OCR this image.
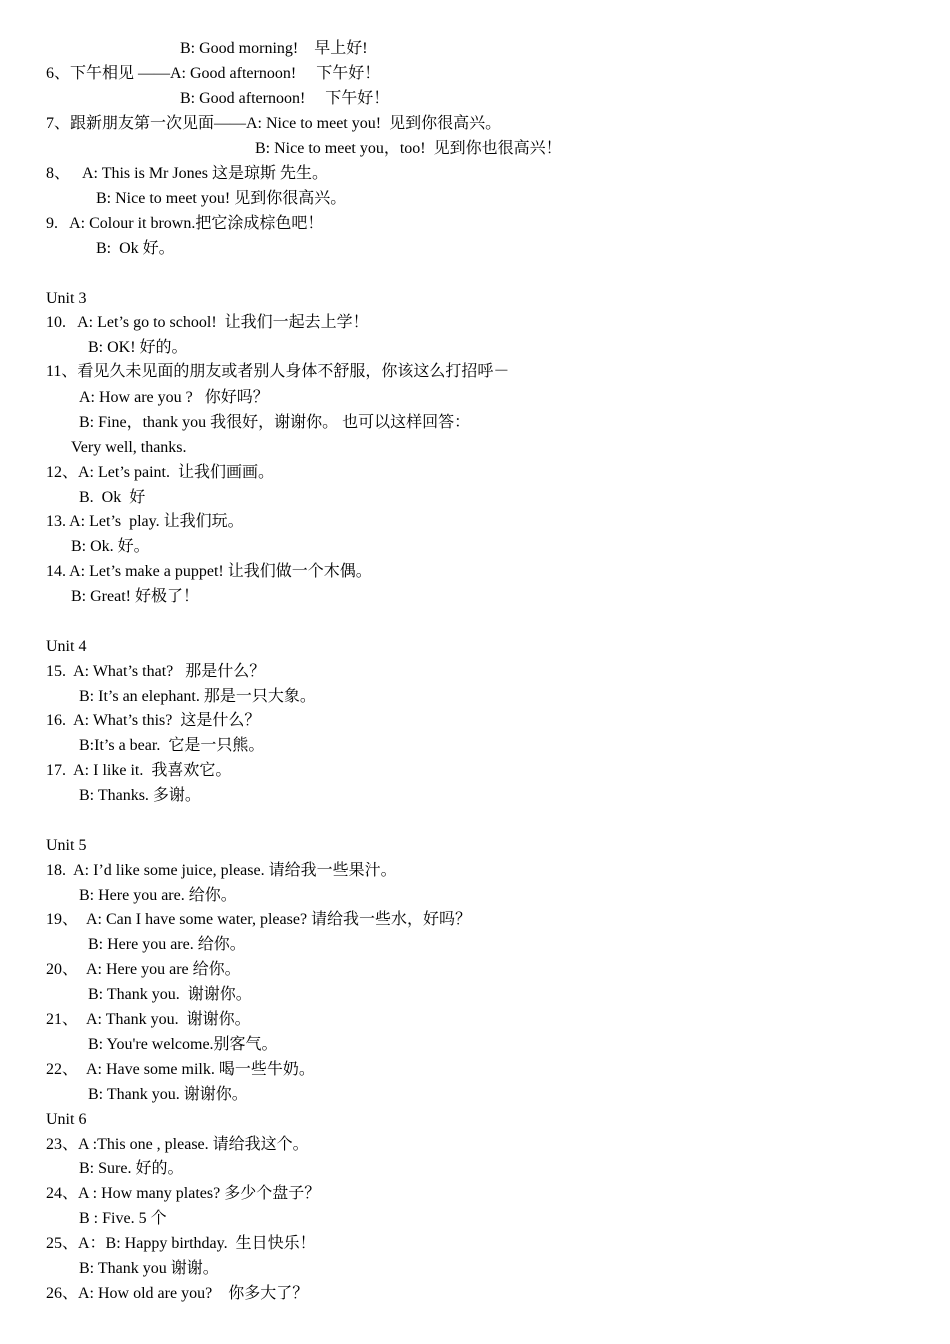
B: Good morning!    早上好!
6、下午相见 ——A: Good afternoon!     下午好！
B: Good afternoon!     下午好！
7、跟新朋友第一次见面——A: Nice to meet you!  见到你很高兴。
B: Nice to meet you，too!  见到你也很高兴！
8、   A: This is Mr Jones 这是琼斯 先生。
B: Nice to meet you! 见到你很高兴。
9.   A: Colour it brown.把它涂成棕色吧！
B:  Ok 好。
Unit 3
10.   A: Let’s go to school!  让我们一起去上学！
B: OK! 好的。
11、看见久未见面的朋友或者别人身体不舒服，你该这么打招呼－
A: How are you ?   你好吗？
B: Fine，thank you 我很好，谢谢你。 也可以这样回答：
Very well, thanks.
12、A: Let’s paint.  让我们画画。
B.  Ok  好
13. A: Let’s  play. 让我们玩。
B: Ok. 好。
14. A: Let’s make a puppet! 让我们做一个木偶。
B: Great! 好极了！
Unit 4
15.  A: What’s that?   那是什么？
B: It’s an elephant. 那是一只大象。
16.  A: What’s this?  这是什么？
B:It’s a bear.  它是一只熊。
17.  A: I like it.  我喜欢它。
B: Thanks. 多谢。
Unit 5
18.  A: I’d like some juice, please. 请给我一些果汁。
B: Here you are. 给你。
19、  A: Can I have some water, please? 请给我一些水，好吗？
B: Here you are. 给你。
20、  A: Here you are 给你。
B: Thank you.  谢谢你。
21、  A: Thank you.  谢谢你。
B: You're welcome.别客气。
22、  A: Have some milk. 喝一些牛奶。
B: Thank you. 谢谢你。
Unit 6
23、A :This one , please. 请给我这个。
B: Sure. 好的。
24、A : How many plates? 多少个盘子？
B : Five. 5 个
25、A：B: Happy birthday.  生日快乐！
B: Thank you 谢谢。
26、A: How old are you?    你多大了？
